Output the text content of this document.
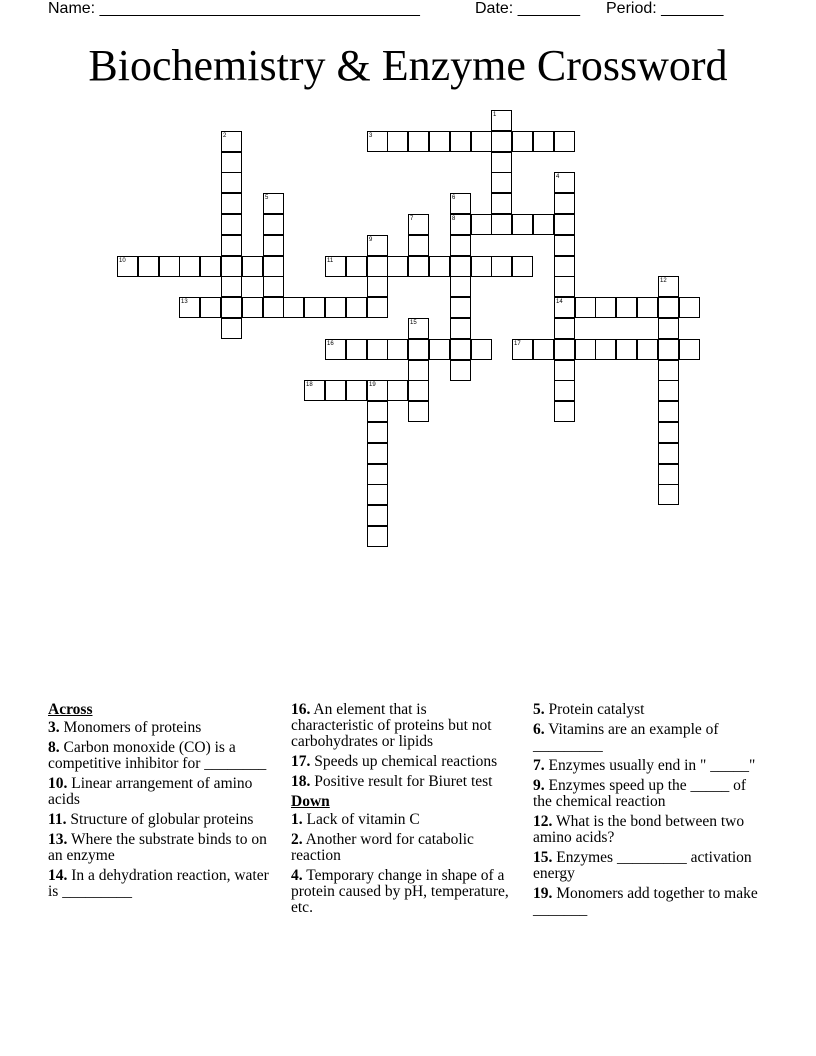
Name: ____________________________________	Date: _______ Period: _______
Biochemistry & Enzyme Crossword
1
2	3
4
14
5	6
8
7
9
10	11
12
13
15
16	17
18	19
Across
3. Monomers of proteins
8. Carbon monoxide (CO) is a competitive inhibitor for ________
10. Linear arrangement of amino acids
11. Structure of globular proteins
13. Where the substrate binds to on an enzyme
14. In a dehydration reaction, water is _________
16. An element that is characteristic of proteins but not carbohydrates or lipids
17. Speeds up chemical reactions
18. Positive result for Biuret test
Down
1. Lack of vitamin C
2. Another word for catabolic reaction
4. Temporary change in shape of a protein caused by pH, temperature, etc.
5. Protein catalyst
6. Vitamins are an example of _________
7. Enzymes usually end in " _____"
9. Enzymes speed up the _____ of the chemical reaction
12. What is the bond between two amino acids?
15. Enzymes _________ activation energy
19. Monomers add together to make _______
